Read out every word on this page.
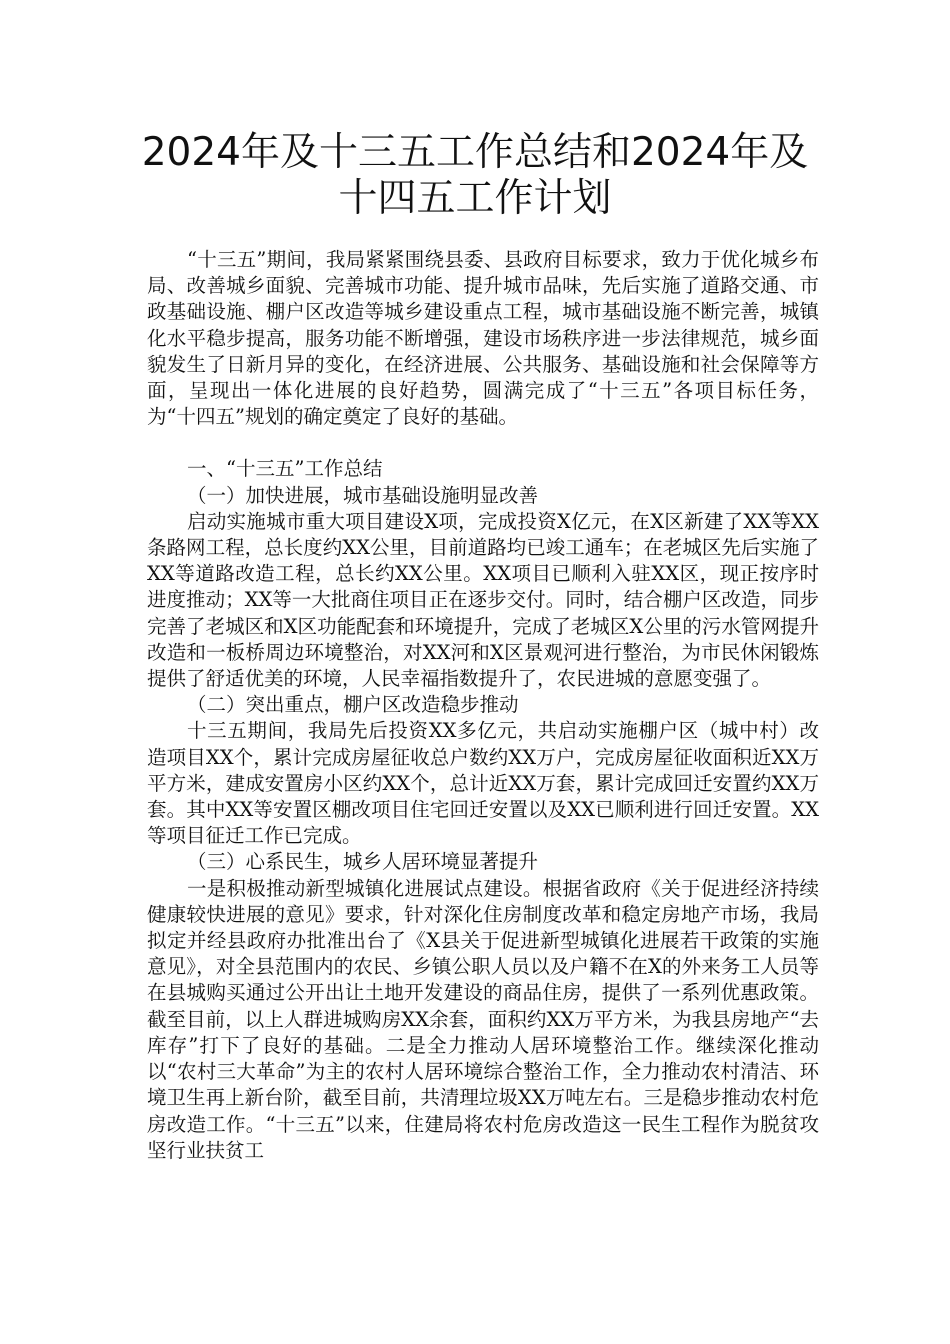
2024年及十三五工作总结和2024年及
十四五工作计划

“十三五”期间，我局紧紧围绕县委、县政府目标要求，致力于优化城乡布局、改善城乡面貌、完善城市功能、提升城市品味，先后实施了道路交通、市政基础设施、棚户区改造等城乡建设重点工程，城市基础设施不断完善，城镇化水平稳步提高，服务功能不断增强，建设市场秩序进一步法律规范，城乡面貌发生了日新月异的变化，在经济进展、公共服务、基础设施和社会保障等方面，呈现出一体化进展的良好趋势，圆满完成了“十三五”各项目标任务，为“十四五”规划的确定奠定了良好的基础。

一、“十三五”工作总结

（一）加快进展，城市基础设施明显改善

启动实施城市重大项目建设X项，完成投资X亿元，在X区新建了XX等XX条路网工程，总长度约XX公里，目前道路均已竣工通车；在老城区先后实施了XX等道路改造工程，总长约XX公里。XX项目已顺利入驻XX区，现正按序时进度推动；XX等一大批商住项目正在逐步交付。同时，结合棚户区改造，同步完善了老城区和X区功能配套和环境提升，完成了老城区X公里的污水管网提升改造和一板桥周边环境整治，对XX河和X区景观河进行整治，为市民休闲锻炼提供了舒适优美的环境，人民幸福指数提升了，农民进城的意愿变强了。

（二）突出重点，棚户区改造稳步推动

十三五期间，我局先后投资XX多亿元，共启动实施棚户区（城中村）改造项目XX个，累计完成房屋征收总户数约XX万户，完成房屋征收面积近XX万平方米，建成安置房小区约XX个，总计近XX万套，累计完成回迁安置约XX万套。其中XX等安置区棚改项目住宅回迁安置以及XX已顺利进行回迁安置。XX等项目征迁工作已完成。

（三）心系民生，城乡人居环境显著提升

一是积极推动新型城镇化进展试点建设。根据省政府《关于促进经济持续健康较快进展的意见》要求，针对深化住房制度改革和稳定房地产市场，我局拟定并经县政府办批准出台了《X县关于促进新型城镇化进展若干政策的实施意见》，对全县范围内的农民、乡镇公职人员以及户籍不在X的外来务工人员等在县城购买通过公开出让土地开发建设的商品住房，提供了一系列优惠政策。截至目前，以上人群进城购房XX余套，面积约XX万平方米，为我县房地产“去库存”打下了良好的基础。二是全力推动人居环境整治工作。继续深化推动以“农村三大革命”为主的农村人居环境综合整治工作，全力推动农村清洁、环境卫生再上新台阶，截至目前，共清理垃圾XX万吨左右。三是稳步推动农村危房改造工作。“十三五”以来，住建局将农村危房改造这一民生工程作为脱贫攻坚行业扶贫工
